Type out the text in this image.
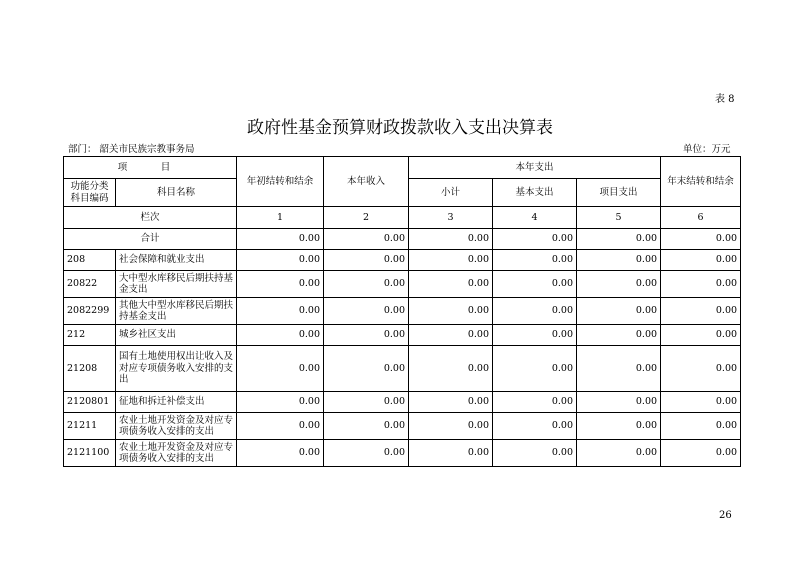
表 8
政府性基金预算财政拨款收入支出决算表
部门： 韶关市民族宗教事务局	单位：万元
项　目		年初结转和结余	本年收入	本年支出			年末结转和结余
功能分类
科目编码	科目名称			小计	基本支出	项目支出	
栏次		1	2	3	4	5	6
合计		0.00	0.00	0.00	0.00	0.00	0.00
208	社会保障和就业支出	0.00	0.00	0.00	0.00	0.00	0.00
20822	大中型水库移民后期扶持基金支出	0.00	0.00	0.00	0.00	0.00	0.00
2082299	其他大中型水库移民后期扶持基金支出	0.00	0.00	0.00	0.00	0.00	0.00
212	城乡社区支出	0.00	0.00	0.00	0.00	0.00	0.00
21208	国有土地使用权出让收入及对应专项债务收入安排的支出	0.00	0.00	0.00	0.00	0.00	0.00
2120801	征地和拆迁补偿支出	0.00	0.00	0.00	0.00	0.00	0.00
21211	农业土地开发资金及对应专项债务收入安排的支出	0.00	0.00	0.00	0.00	0.00	0.00
2121100	农业土地开发资金及对应专项债务收入安排的支出	0.00	0.00	0.00	0.00	0.00	0.00
26
